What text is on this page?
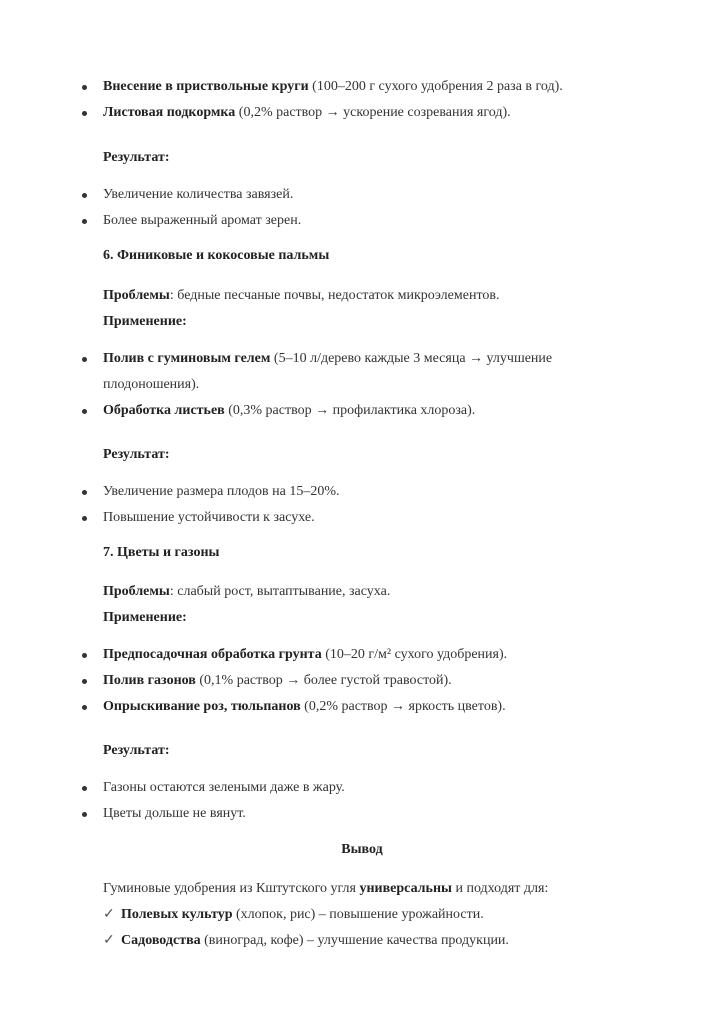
Внесение в приствольные круги (100–200 г сухого удобрения 2 раза в год).
Листовая подкормка (0,2% раствор → ускорение созревания ягод).
Результат:
Увеличение количества завязей.
Более выраженный аромат зерен.
6. Финиковые и кокосовые пальмы
Проблемы: бедные песчаные почвы, недостаток микроэлементов.
Применение:
Полив с гуминовым гелем (5–10 л/дерево каждые 3 месяца → улучшение
плодоношения).
Обработка листьев (0,3% раствор → профилактика хлороза).
Результат:
Увеличение размера плодов на 15–20%.
Повышение устойчивости к засухе.
7. Цветы и газоны
Проблемы: слабый рост, вытаптывание, засуха.
Применение:
Предпосадочная обработка грунта (10–20 г/м² сухого удобрения).
Полив газонов (0,1% раствор → более густой травостой).
Опрыскивание роз, тюльпанов (0,2% раствор → яркость цветов).
Результат:
Газоны остаются зелеными даже в жару.
Цветы дольше не вянут.
Вывод
Гуминовые удобрения из Кштутского угля универсальны и подходят для:
✓ Полевых культур (хлопок, рис) – повышение урожайности.
✓ Садоводства (виноград, кофе) – улучшение качества продукции.
